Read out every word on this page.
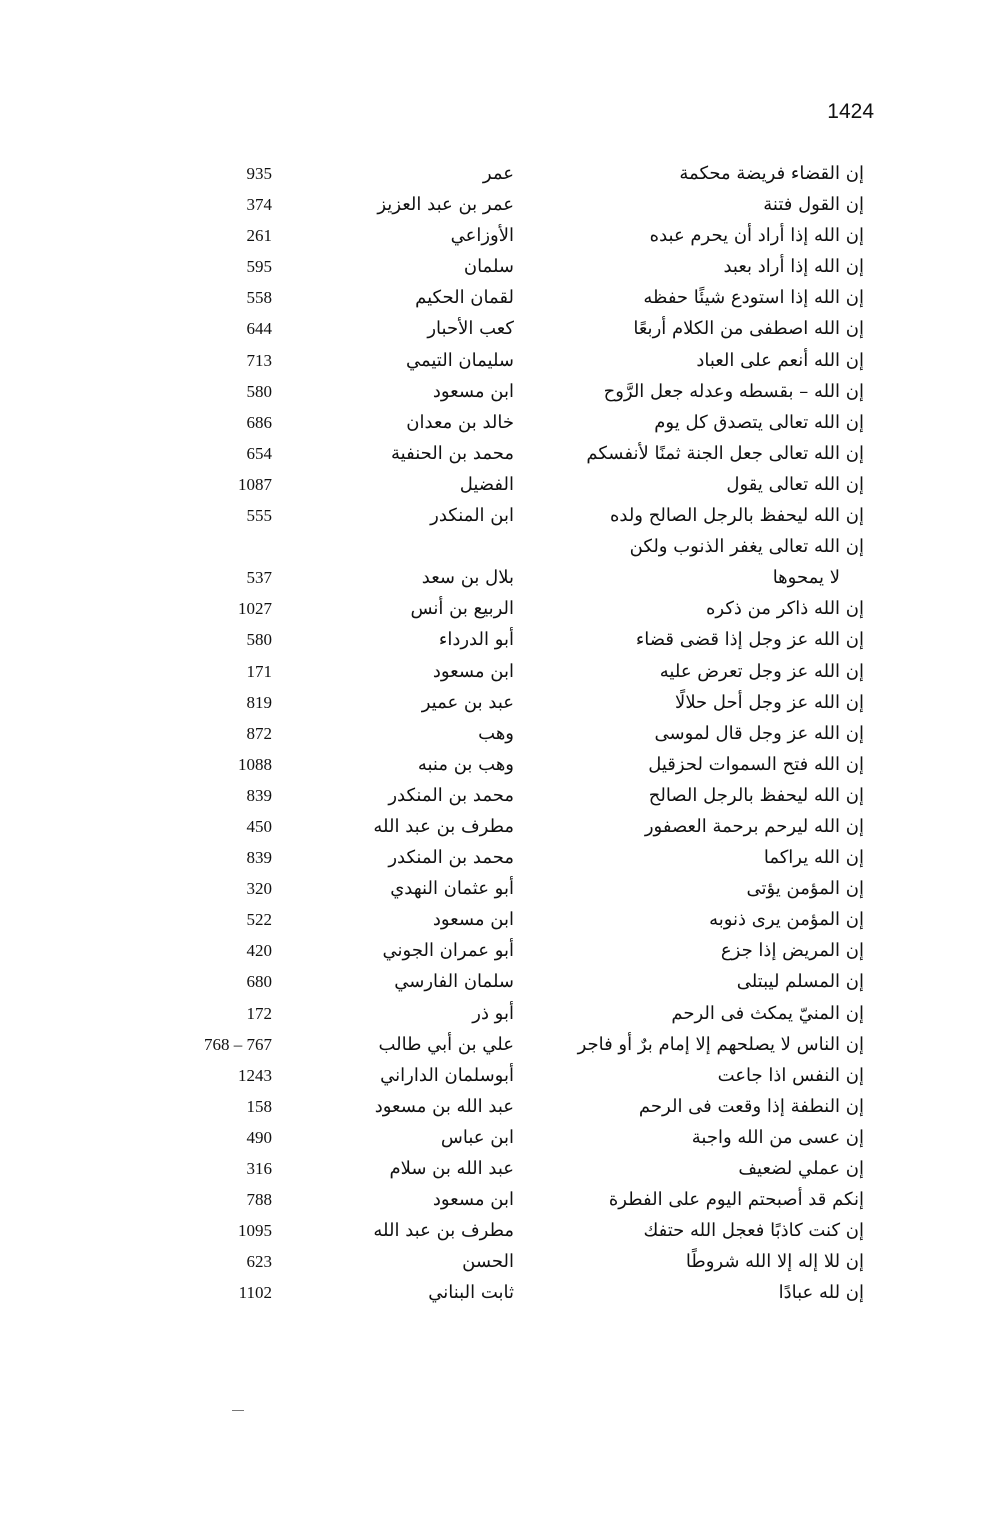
1424
إن القضاء فريضة محكمة
عمر
935
إن القول فتنة
عمر بن عبد العزيز
374
إن الله إذا أراد أن يحرم عبده
الأوزاعي
261
إن الله إذا أراد بعبد
سلمان
595
إن الله إذا استودع شيئًا حفظه
لقمان الحكيم
558
إن الله اصطفى من الكلام أربعًا
كعب الأحبار
644
إن الله أنعم على العباد
سليمان التيمي
713
إن الله – بقسطه وعدله جعل الرَّوح
ابن مسعود
580
إن الله تعالى يتصدق كل يوم
خالد بن معدان
686
إن الله تعالى جعل الجنة ثمنًا لأنفسكم
محمد بن الحنفية
654
إن الله تعالى يقول
الفضيل
1087
إن الله ليحفظ بالرجل الصالح ولده
ابن المنكدر
555
إن الله تعالى يغفر الذنوب ولكن
لا يمحوها
بلال بن سعد
537
إن الله ذاكر من ذكره
الربيع بن أنس
1027
إن الله عز وجل إذا قضى قضاء
أبو الدرداء
580
إن الله عز وجل تعرض عليه
ابن مسعود
171
إن الله عز وجل أحل حلالًا
عبد بن عمير
819
إن الله عز وجل قال لموسى
وهب
872
إن الله فتح السموات لحزقيل
وهب بن منبه
1088
إن الله ليحفظ بالرجل الصالح
محمد بن المنكدر
839
إن الله ليرحم برحمة العصفور
مطرف بن عبد الله
450
إن الله يراكما
محمد بن المنكدر
839
إن المؤمن يؤتى
أبو عثمان النهدي
320
إن المؤمن يرى ذنوبه
ابن مسعود
522
إن المريض إذا جزع
أبو عمران الجوني
420
إن المسلم ليبتلى
سلمان الفارسي
680
إن المنيّ يمكث فى الرحم
أبو ذر
172
إن الناس لا يصلحهم إلا إمام برٌ أو فاجر
علي بن أبي طالب
768 – 767
إن النفس اذا جاعت
أبوسلمان الداراني
1243
إن النطفة إذا وقعت فى الرحم
عبد الله بن مسعود
158
إن عسى من الله واجبة
ابن عباس
490
إن عملي لضعيف
عبد الله بن سلام
316
إنكم قد أصبحتم اليوم على الفطرة
ابن مسعود
788
إن كنت كاذبًا فعجل الله حتفك
مطرف بن عبد الله
1095
إن للا إله إلا الله شروطًا
الحسن
623
إن لله عبادًا
ثابت البناني
1102
